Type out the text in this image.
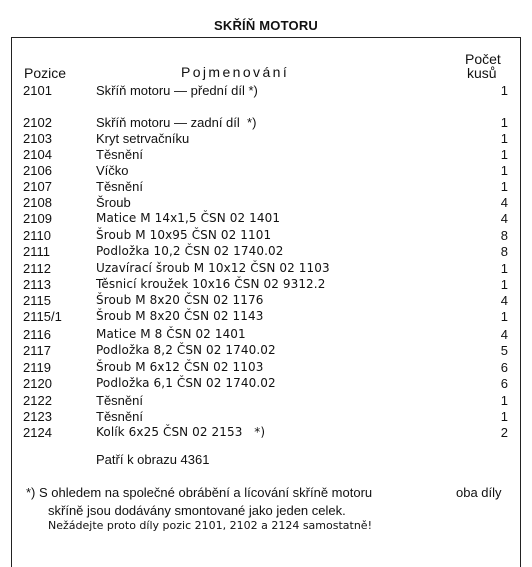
SKŘÍŇ MOTORU
Pozice	Pojmenování
Počet
kusů
2101	Skříň motoru — přední díl *)	1
2102	Skříň motoru — zadní díl  *)	1
2103	Kryt setrvačníku	1
2104	Těsnění	1
2106	Víčko	1
2107	Těsnění	1
2108	Šroub	4
2109	Matice M 14x1,5 ČSN 02 1401	4
2110	Šroub M 10x95 ČSN 02 1101	8
2111	Podložka 10,2 ČSN 02 1740.02	8
2112	Uzavírací šroub M 10x12 ČSN 02 1103	1
2113	Těsnicí kroužek 10x16 ČSN 02 9312.2	1
2115	Šroub M 8x20 ČSN 02 1176	4
2115/1	Šroub M 8x20 ČSN 02 1143	1
2116	Matice M 8 ČSN 02 1401	4
2117	Podložka 8,2 ČSN 02 1740.02	5
2119	Šroub M 6x12 ČSN 02 1103	6
2120	Podložka 6,1 ČSN 02 1740.02	6
2122	Těsnění	1
2123	Těsnění	1
2124	Kolík 6x25 ČSN 02 2153   *)	2
Patří k obrazu 4361
*) S ohledem na společné obrábění a lícování skříně motoru	oba díly
skříně jsou dodávány smontované jako jeden celek.
Nežádejte proto díly pozic 2101, 2102 a 2124 samostatně!
